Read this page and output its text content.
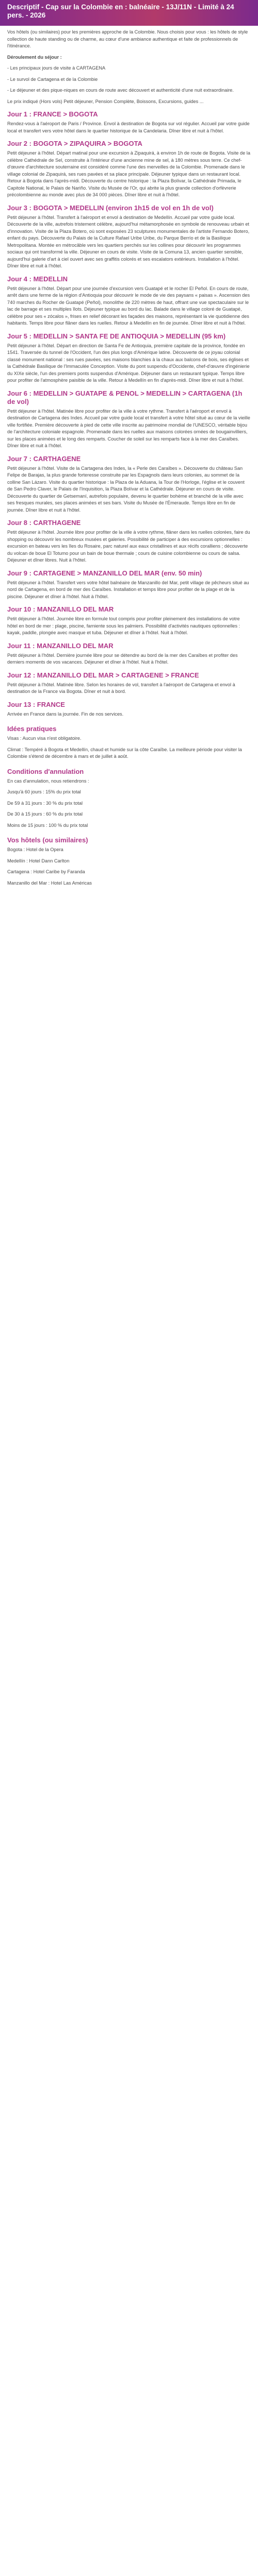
Descriptif - Cap sur la Colombie en : balnéaire - 13J/11N - Limité à 24 pers. - 2026

Vos hôtels (ou similaires) pour les premières approche de la Colombie. Nous choisis pour vous : les hôtels de style collection de haute standing ou de charme, au cœur d'une ambiance authentique et faite de professionnels de l'itinérance.

Déroulement du séjour :

- Les principaux jours de visite à CARTAGENA

- Le survol de Cartagena et de la Colombie

- Le déjeuner et des pique-niques en cours de route avec découvert et authenticité d'une nuit extraordinaire.

Le prix indiqué (Hors vols) Petit déjeuner, Pension Complète, Boissons, Excursions, guides ...

Jour 1 : FRANCE > BOGOTA

Rendez-vous à l'aéroport de Paris / Province. Envol à destination de Bogota sur vol régulier. Accueil par votre guide local et transfert vers votre hôtel dans le quartier historique de la Candelaria. Dîner libre et nuit à l'hôtel.

Jour 2 : BOGOTA > ZIPAQUIRA > BOGOTA

Petit déjeuner à l'hôtel. Départ matinal pour une excursion à Zipaquirá, à environ 1h de route de Bogota. Visite de la célèbre Cathédrale de Sel, construite à l'intérieur d'une ancienne mine de sel, à 180 mètres sous terre. Ce chef-d'œuvre d'architecture souterraine est considéré comme l'une des merveilles de la Colombie. Promenade dans le village colonial de Zipaquirá, ses rues pavées et sa place principale. Déjeuner typique dans un restaurant local. Retour à Bogota dans l'après-midi. Découverte du centre historique : la Plaza Bolívar, la Cathédrale Primada, le Capitole National, le Palais de Nariño. Visite du Musée de l'Or, qui abrite la plus grande collection d'orfèvrerie précolombienne au monde avec plus de 34 000 pièces. Dîner libre et nuit à l'hôtel.

Jour 3 : BOGOTA > MEDELLIN (environ 1h15 de vol en 1h de vol)

Petit déjeuner à l'hôtel. Transfert à l'aéroport et envol à destination de Medellín. Accueil par votre guide local. Découverte de la ville, autrefois tristement célèbre, aujourd'hui métamorphosée en symbole de renouveau urbain et d'innovation. Visite de la Plaza Botero, où sont exposées 23 sculptures monumentales de l'artiste Fernando Botero, enfant du pays. Découverte du Palais de la Culture Rafael Uribe Uribe, du Parque Berrío et de la Basilique Metropolitana. Montée en métrocâble vers les quartiers perchés sur les collines pour découvrir les programmes sociaux qui ont transformé la ville. Déjeuner en cours de visite. Visite de la Comuna 13, ancien quartier sensible, aujourd'hui galerie d'art à ciel ouvert avec ses graffitis colorés et ses escalators extérieurs. Installation à l'hôtel. Dîner libre et nuit à l'hôtel.

Jour 4 : MEDELLIN

Petit déjeuner à l'hôtel. Départ pour une journée d'excursion vers Guatapé et le rocher El Peñol. En cours de route, arrêt dans une ferme de la région d'Antioquia pour découvrir le mode de vie des paysans « paisas ». Ascension des 740 marches du Rocher de Guatapé (Peñol), monolithe de 220 mètres de haut, offrant une vue spectaculaire sur le lac de barrage et ses multiples îlots. Déjeuner typique au bord du lac. Balade dans le village coloré de Guatapé, célèbre pour ses « zócalos », frises en relief décorant les façades des maisons, représentant la vie quotidienne des habitants. Temps libre pour flâner dans les ruelles. Retour à Medellín en fin de journée. Dîner libre et nuit à l'hôtel.

Jour 5 : MEDELLIN > SANTA FE DE ANTIOQUIA > MEDELLIN (95 km)

Petit déjeuner à l'hôtel. Départ en direction de Santa Fe de Antioquia, première capitale de la province, fondée en 1541. Traversée du tunnel de l'Occident, l'un des plus longs d'Amérique latine. Découverte de ce joyau colonial classé monument national : ses rues pavées, ses maisons blanchies à la chaux aux balcons de bois, ses églises et la Cathédrale Basilique de l'Immaculée Conception. Visite du pont suspendu d'Occidente, chef-d'œuvre d'ingénierie du XIXe siècle, l'un des premiers ponts suspendus d'Amérique. Déjeuner dans un restaurant typique. Temps libre pour profiter de l'atmosphère paisible de la ville. Retour à Medellín en fin d'après-midi. Dîner libre et nuit à l'hôtel.

Jour 6 : MEDELLIN > GUATAPE & PENOL > MEDELLIN > CARTAGENA (1h de vol)

Petit déjeuner à l'hôtel. Matinée libre pour profiter de la ville à votre rythme. Transfert à l'aéroport et envol à destination de Cartagena des Indes. Accueil par votre guide local et transfert à votre hôtel situé au cœur de la vieille ville fortifiée. Première découverte à pied de cette ville inscrite au patrimoine mondial de l'UNESCO, véritable bijou de l'architecture coloniale espagnole. Promenade dans les ruelles aux maisons colorées ornées de bougainvilliers, sur les places animées et le long des remparts. Coucher de soleil sur les remparts face à la mer des Caraïbes. Dîner libre et nuit à l'hôtel.

Jour 7 : CARTHAGENE

Petit déjeuner à l'hôtel. Visite de la Cartagena des Indes, la « Perle des Caraïbes ». Découverte du château San Felipe de Barajas, la plus grande forteresse construite par les Espagnols dans leurs colonies, au sommet de la colline San Lázaro. Visite du quartier historique : la Plaza de la Aduana, la Tour de l'Horloge, l'église et le couvent de San Pedro Claver, le Palais de l'Inquisition, la Plaza Bolívar et la Cathédrale. Déjeuner en cours de visite. Découverte du quartier de Getsemaní, autrefois populaire, devenu le quartier bohème et branché de la ville avec ses fresques murales, ses places animées et ses bars. Visite du Musée de l'Émeraude. Temps libre en fin de journée. Dîner libre et nuit à l'hôtel.

Jour 8 : CARTHAGENE

Petit déjeuner à l'hôtel. Journée libre pour profiter de la ville à votre rythme, flâner dans les ruelles colorées, faire du shopping ou découvrir les nombreux musées et galeries. Possibilité de participer à des excursions optionnelles : excursion en bateau vers les îles du Rosaire, parc naturel aux eaux cristallines et aux récifs coralliens ; découverte du volcan de boue El Totumo pour un bain de boue thermale ; cours de cuisine colombienne ou cours de salsa. Déjeuner et dîner libres. Nuit à l'hôtel.

Jour 9 : CARTAGENE > MANZANILLO DEL MAR (env. 50 min)

Petit déjeuner à l'hôtel. Transfert vers votre hôtel balnéaire de Manzanillo del Mar, petit village de pêcheurs situé au nord de Cartagena, en bord de mer des Caraïbes. Installation et temps libre pour profiter de la plage et de la piscine. Déjeuner et dîner à l'hôtel. Nuit à l'hôtel.

Jour 10 : MANZANILLO DEL MAR

Petit déjeuner à l'hôtel. Journée libre en formule tout compris pour profiter pleinement des installations de votre hôtel en bord de mer : plage, piscine, farniente sous les palmiers. Possibilité d'activités nautiques optionnelles : kayak, paddle, plongée avec masque et tuba. Déjeuner et dîner à l'hôtel. Nuit à l'hôtel.

Jour 11 : MANZANILLO DEL MAR

Petit déjeuner à l'hôtel. Dernière journée libre pour se détendre au bord de la mer des Caraïbes et profiter des derniers moments de vos vacances. Déjeuner et dîner à l'hôtel. Nuit à l'hôtel.

Jour 12 : MANZANILLO DEL MAR > CARTAGENE > FRANCE

Petit déjeuner à l'hôtel. Matinée libre. Selon les horaires de vol, transfert à l'aéroport de Cartagena et envol à destination de la France via Bogota. Dîner et nuit à bord.

Jour 13 : FRANCE

Arrivée en France dans la journée. Fin de nos services.

Idées pratiques

Visas : Aucun visa n'est obligatoire.

Climat : Tempéré à Bogota et Medellín, chaud et humide sur la côte Caraïbe. La meilleure période pour visiter la Colombie s'étend de décembre à mars et de juillet à août.

Conditions d'annulation

En cas d'annulation, nous retiendrons :

Jusqu'à 60 jours : 15% du prix total

De 59 à 31 jours : 30 % du prix total

De 30 à 15 jours : 60 % du prix total

Moins de 15 jours : 100 % du prix total

Vos hôtels (ou similaires)

Bogota : Hotel de la Opera

Medellín : Hotel Dann Carlton

Cartagena : Hotel Caribe by Faranda

Manzanillo del Mar : Hotel Las Américas
